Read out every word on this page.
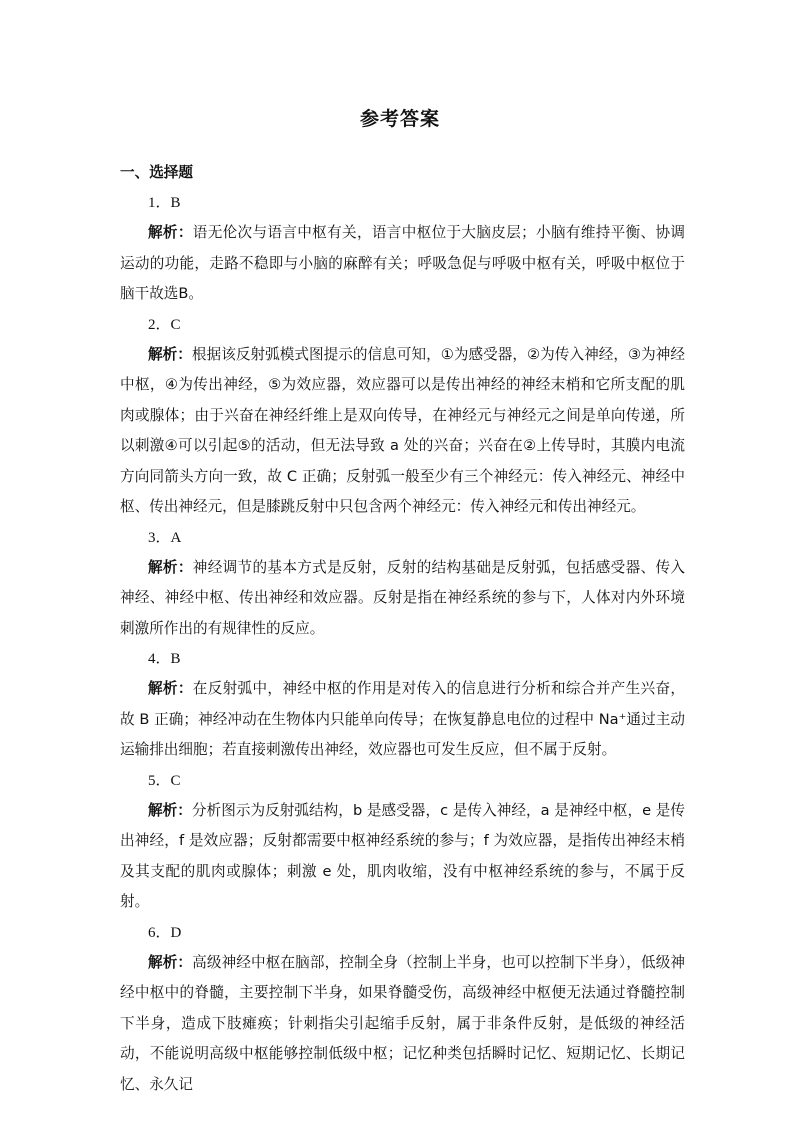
参考答案
一、选择题
1．B
解析：语无伦次与语言中枢有关，语言中枢位于大脑皮层；小脑有维持平衡、协调运动的功能，走路不稳即与小脑的麻醉有关；呼吸急促与呼吸中枢有关，呼吸中枢位于脑干故选B。
2．C
解析：根据该反射弧模式图提示的信息可知，①为感受器，②为传入神经，③为神经中枢，④为传出神经，⑤为效应器，效应器可以是传出神经的神经末梢和它所支配的肌肉或腺体；由于兴奋在神经纤维上是双向传导，在神经元与神经元之间是单向传递，所以刺激④可以引起⑤的活动，但无法导致 a 处的兴奋；兴奋在②上传导时，其膜内电流方向同箭头方向一致，故 C 正确；反射弧一般至少有三个神经元：传入神经元、神经中枢、传出神经元，但是膝跳反射中只包含两个神经元：传入神经元和传出神经元。
3．A
解析：神经调节的基本方式是反射，反射的结构基础是反射弧，包括感受器、传入神经、神经中枢、传出神经和效应器。反射是指在神经系统的参与下，人体对内外环境刺激所作出的有规律性的反应。
4．B
解析：在反射弧中，神经中枢的作用是对传入的信息进行分析和综合并产生兴奋，故 B 正确；神经冲动在生物体内只能单向传导；在恢复静息电位的过程中 Na⁺通过主动运输排出细胞；若直接刺激传出神经，效应器也可发生反应，但不属于反射。
5．C
解析：分析图示为反射弧结构，b 是感受器，c 是传入神经，a 是神经中枢，e 是传出神经，f 是效应器；反射都需要中枢神经系统的参与；f 为效应器，是指传出神经末梢及其支配的肌肉或腺体；刺激 e 处，肌肉收缩，没有中枢神经系统的参与，不属于反射。
6．D
解析：高级神经中枢在脑部，控制全身（控制上半身，也可以控制下半身），低级神经中枢中的脊髓，主要控制下半身，如果脊髓受伤，高级神经中枢便无法通过脊髓控制下半身，造成下肢瘫痪；针刺指尖引起缩手反射，属于非条件反射，是低级的神经活动，不能说明高级中枢能够控制低级中枢；记忆种类包括瞬时记忆、短期记忆、长期记忆、永久记
